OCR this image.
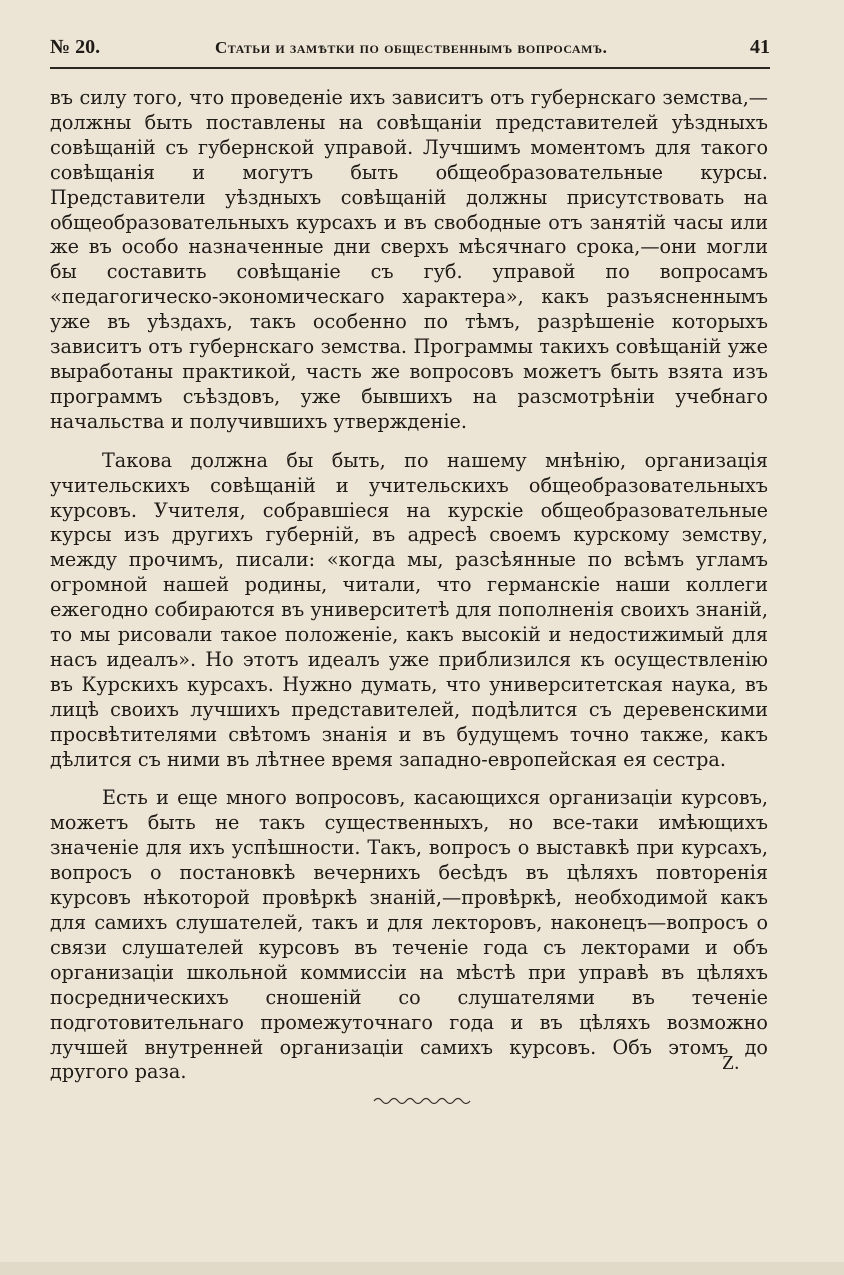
№ 20.	Статьи и замѣтки по общественнымъ вопросамъ.	41

въ силу того, что проведеніе ихъ зависитъ отъ губернскаго земства,— должны быть поставлены на совѣщаніи представителей уѣздныхъ совѣщаній съ губернской управой. Лучшимъ моментомъ для такого совѣщанія и могутъ быть общеобразовательные курсы. Представители уѣздныхъ совѣщаній должны присутствовать на общеобразовательныхъ курсахъ и въ свободные отъ занятій часы или же въ особо назначенные дни сверхъ мѣсячнаго срока,—они могли бы составить совѣщаніе съ губ. управой по вопросамъ «педагогическо-экономическаго характера», какъ разъясненнымъ уже въ уѣздахъ, такъ особенно по тѣмъ, разрѣшеніе которыхъ зависитъ отъ губернскаго земства. Программы такихъ совѣщаній уже выработаны практикой, часть же вопросовъ можетъ быть взята изъ программъ съѣздовъ, уже бывшихъ на разсмотрѣніи учебнаго начальства и получившихъ утвержденіе.

Такова должна бы быть, по нашему мнѣнію, организація учительскихъ совѣщаній и учительскихъ общеобразовательныхъ курсовъ. Учителя, собравшіеся на курскіе общеобразовательные курсы изъ другихъ губерній, въ адресѣ своемъ курскому земству, между прочимъ, писали: «когда мы, разсѣянные по всѣмъ угламъ огромной нашей родины, читали, что германскіе наши коллеги ежегодно собираются въ университетѣ для пополненія своихъ знаній, то мы рисовали такое положеніе, какъ высокій и недостижимый для насъ идеалъ». Но этотъ идеалъ уже приблизился къ осуществленію въ Курскихъ курсахъ. Нужно думать, что университетская наука, въ лицѣ своихъ лучшихъ представителей, подѣлится съ деревенскими просвѣтителями свѣтомъ знанія и въ будущемъ точно также, какъ дѣлится съ ними въ лѣтнее время западно-европейская ея сестра.

Есть и еще много вопросовъ, касающихся организаціи курсовъ, можетъ быть не такъ существенныхъ, но все-таки имѣющихъ значеніе для ихъ успѣшности. Такъ, вопросъ о выставкѣ при курсахъ, вопросъ о постановкѣ вечернихъ бесѣдъ въ цѣляхъ повторенія курсовъ нѣкоторой провѣркѣ знаній,—провѣркѣ, необходимой какъ для самихъ слушателей, такъ и для лекторовъ, наконецъ—вопросъ о связи слушателей курсовъ въ теченіе года съ лекторами и объ организаціи школьной коммиссіи на мѣстѣ при управѣ въ цѣляхъ посредническихъ сношеній со слушателями въ теченіе подготовительнаго промежуточнаго года и въ цѣляхъ возможно лучшей внутренней организаціи самихъ курсовъ. Объ этомъ до другого раза.	Z.
